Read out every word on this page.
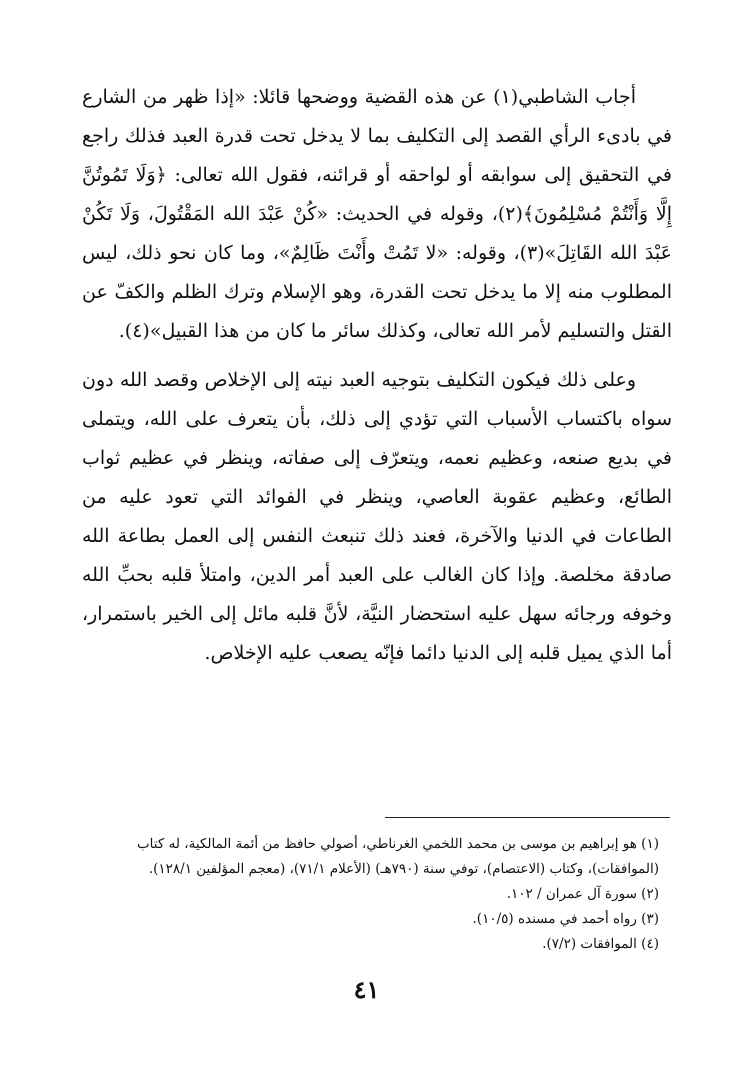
أجاب الشاطبي(١) عن هذه القضية ووضحها قائلا: «إذا ظهر من الشارع في بادىء الرأي القصد إلى التكليف بما لا يدخل تحت قدرة العبد فذلك راجع في التحقيق إلى سوابقه أو لواحقه أو قرائنه، فقول الله تعالى: ﴿وَلَا تَمُوتُنَّ إِلَّا وَأَنْتُمْ مُسْلِمُونَ﴾(٢)، وقوله في الحديث: «كُنْ عَبْدَ الله المَقْتُولَ، وَلَا تَكُنْ عَبْدَ الله القَاتِلَ»(٣)، وقوله: «لا تَمُتْ وأَنْتَ ظَالِمٌ»، وما كان نحو ذلك، ليس المطلوب منه إلا ما يدخل تحت القدرة، وهو الإسلام وترك الظلم والكفّ عن القتل والتسليم لأمر الله تعالى، وكذلك سائر ما كان من هذا القبيل»(٤).

وعلى ذلك فيكون التكليف بتوجيه العبد نيته إلى الإخلاص وقصد الله دون سواه باكتساب الأسباب التي تؤدي إلى ذلك، بأن يتعرف على الله، ويتملى في بديع صنعه، وعظيم نعمه، ويتعرّف إلى صفاته، وينظر في عظيم ثواب الطائع، وعظيم عقوبة العاصي، وينظر في الفوائد التي تعود عليه من الطاعات في الدنيا والآخرة، فعند ذلك تنبعث النفس إلى العمل بطاعة الله صادقة مخلصة. وإذا كان الغالب على العبد أمر الدين، وامتلأ قلبه بحبِّ الله وخوفه ورجائه سهل عليه استحضار النيَّة، لأنَّ قلبه مائل إلى الخير باستمرار، أما الذي يميل قلبه إلى الدنيا دائما فإنّه يصعب عليه الإخلاص.

(١) هو إبراهيم بن موسى بن محمد اللخمي الغرناطي، أصولي حافظ من أئمة المالكية، له كتاب (الموافقات)، وكتاب (الاعتصام)، توفي سنة (٧٩٠هـ) (الأعلام ٧١/١)، (معجم المؤلفين ١٢٨/١).

(٢) سورة آل عمران / ١٠٢.

(٣) رواه أحمد في مسنده (١٠/٥).

(٤) الموافقات (٧/٢).

٤١
